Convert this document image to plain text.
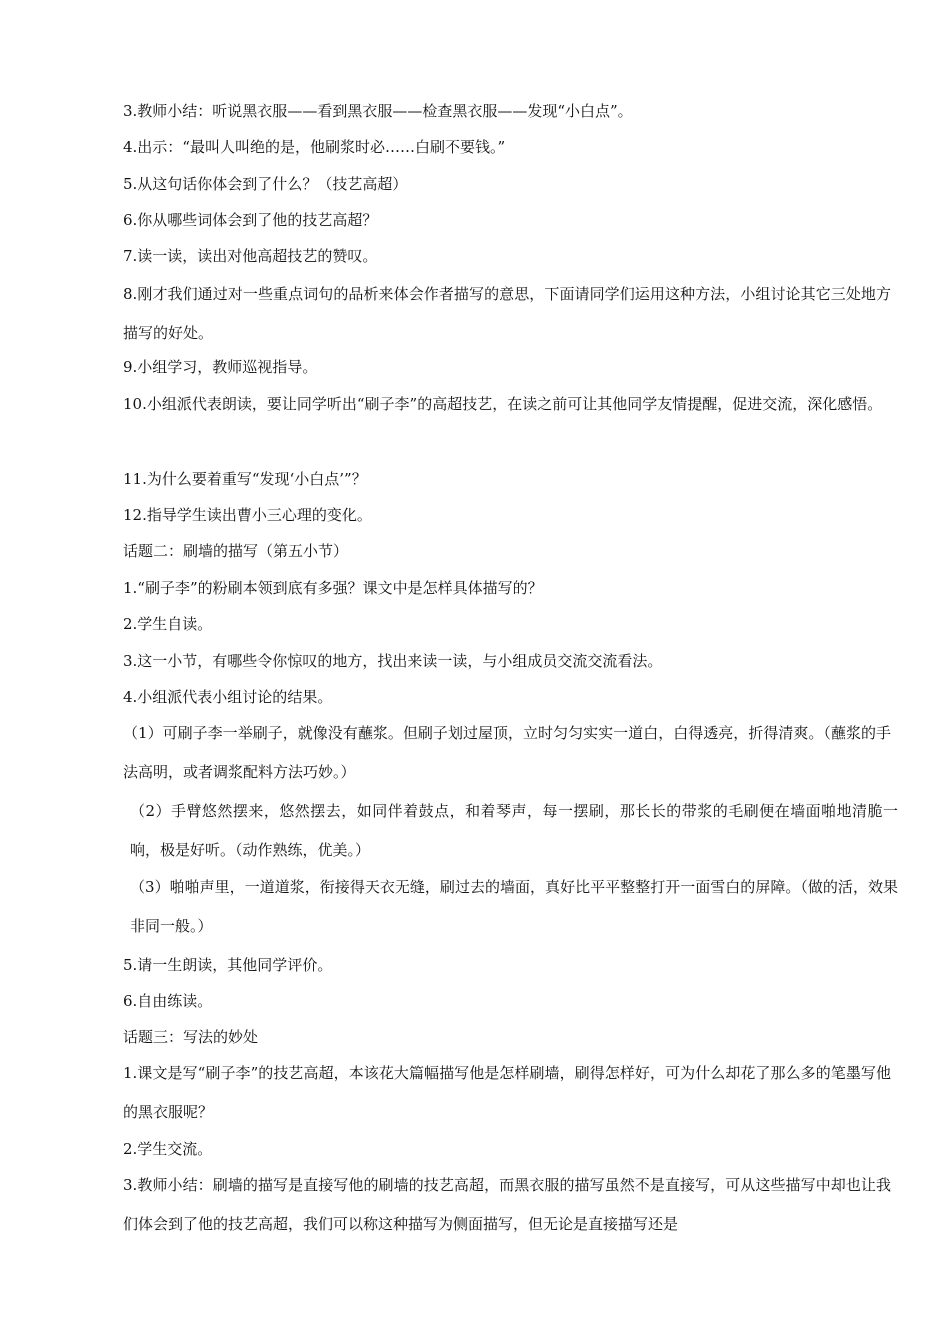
3.教师小结：听说黑衣服——看到黑衣服——检查黑衣服——发现“小白点”。

4.出示：“最叫人叫绝的是，他刷浆时必……白刷不要钱。”

5.从这句话你体会到了什么？（技艺高超）

6.你从哪些词体会到了他的技艺高超？

7.读一读，读出对他高超技艺的赞叹。

8.刚才我们通过对一些重点词句的品析来体会作者描写的意思，下面请同学们运用这种方法，小组讨论其它三处地方描写的好处。

9.小组学习，教师巡视指导。

10.小组派代表朗读，要让同学听出“刷子李”的高超技艺，在读之前可让其他同学友情提醒，促进交流，深化感悟。

11.为什么要着重写“发现‘小白点’”？

12.指导学生读出曹小三心理的变化。

话题二：刷墙的描写（第五小节）

1.“刷子李”的粉刷本领到底有多强？课文中是怎样具体描写的？

2.学生自读。

3.这一小节，有哪些令你惊叹的地方，找出来读一读，与小组成员交流交流看法。

4.小组派代表小组讨论的结果。

（1）可刷子李一举刷子，就像没有蘸浆。但刷子划过屋顶，立时匀匀实实一道白，白得透亮，折得清爽。（蘸浆的手法高明，或者调浆配料方法巧妙。）

（2）手臂悠然摆来，悠然摆去，如同伴着鼓点，和着琴声，每一摆刷，那长长的带浆的毛刷便在墙面啪地清脆一响，极是好听。（动作熟练，优美。）

（3）啪啪声里，一道道浆，衔接得天衣无缝，刷过去的墙面，真好比平平整整打开一面雪白的屏障。（做的活，效果非同一般。）

5.请一生朗读，其他同学评价。

6.自由练读。

话题三：写法的妙处

1.课文是写“刷子李”的技艺高超，本该花大篇幅描写他是怎样刷墙，刷得怎样好，可为什么却花了那么多的笔墨写他的黑衣服呢？

2.学生交流。

3.教师小结：刷墙的描写是直接写他的刷墙的技艺高超，而黑衣服的描写虽然不是直接写，可从这些描写中却也让我们体会到了他的技艺高超，我们可以称这种描写为侧面描写，但无论是直接描写还是
